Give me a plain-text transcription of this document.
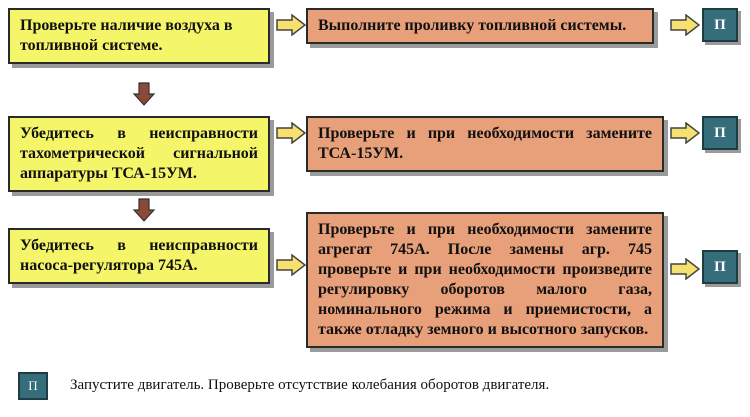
Проверьте наличие воздуха в топливной системе.
Выполните проливку топливной системы.	П
Убедитесь в неисправности тахометрической сигнальной аппаратуры ТСА-15УМ.
Проверьте и при необходимости замените ТСА-15УМ.
П
Убедитесь в неисправности насоса-регулятора 745А.
Проверьте и при необходимости замените агрегат 745А. После замены агр. 745 проверьте и при необходимости произведите регулировку оборотов малого газа, номинального режима и приемистости, а также отладку земного и высотного запусков.
П
П Запустите двигатель. Проверьте отсутствие колебания оборотов двигателя.
